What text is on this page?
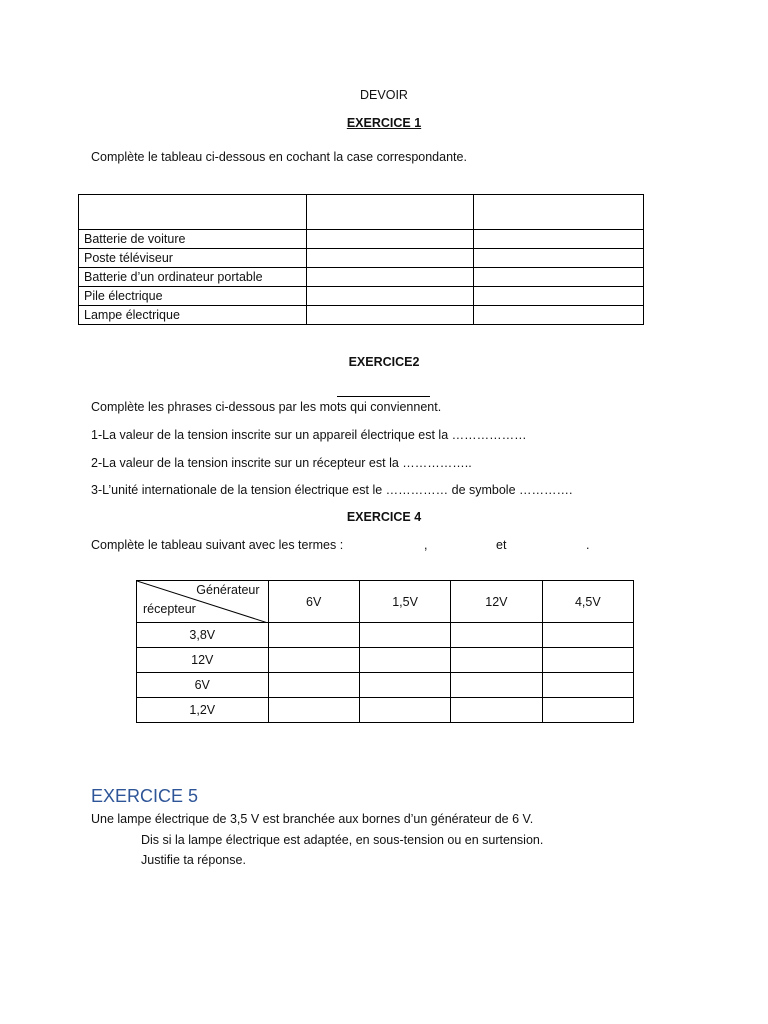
DEVOIR
EXERCICE 1
Complète le tableau ci-dessous en cochant la case correspondante.

Batterie de voiture		
Poste téléviseur		
Batterie d’un ordinateur portable		
Pile électrique		
Lampe électrique		
EXERCICE2
Complète les phrases ci-dessous par les mots qui conviennent.
1-La valeur de la tension inscrite sur un appareil électrique est la ………………
2-La valeur de la tension inscrite sur un récepteur est la ……………..
3-L’unité internationale de la tension électrique est le …………… de symbole ………….
EXERCICE 4
Complète le tableau suivant avec les termes :	,	et	.
Générateur
récepteur	6V	1,5V	12V	4,5V
3,8V				
12V				
6V				
1,2V				
EXERCICE 5
Une lampe électrique de 3,5 V est branchée aux bornes d’un générateur de 6 V.
Dis si la lampe électrique est adaptée, en sous-tension ou en surtension.
Justifie ta réponse.
